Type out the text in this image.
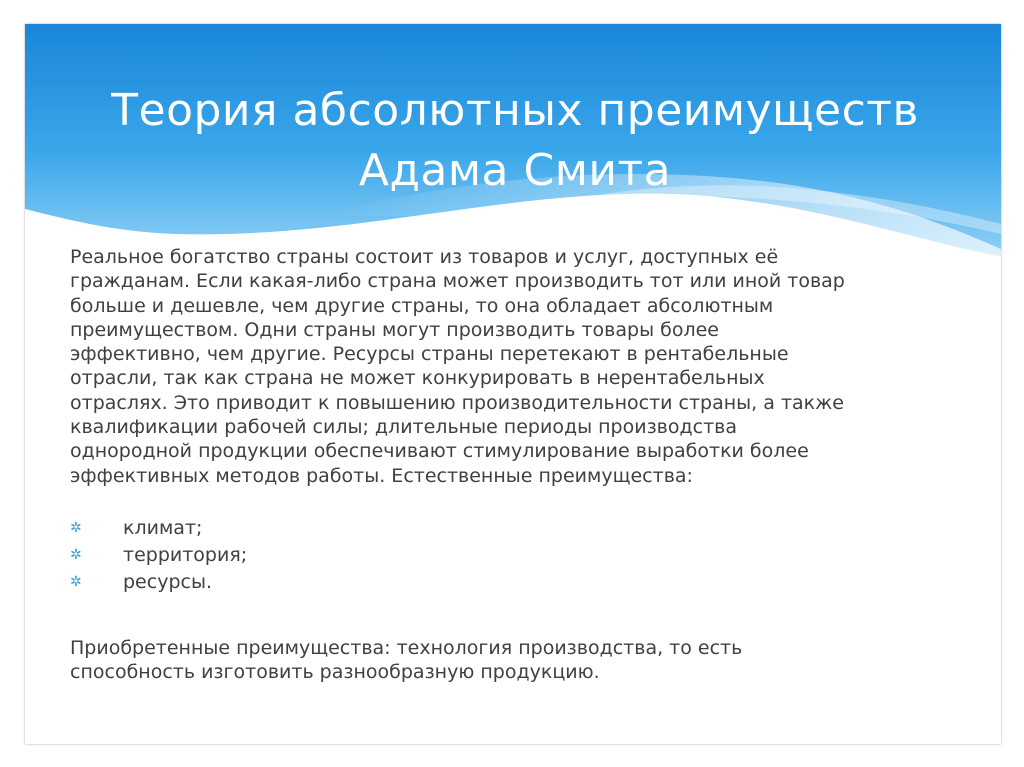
Теория абсолютных преимуществ
Адама Смита

Реальное богатство страны состоит из товаров и услуг, доступных её
гражданам. Если какая-либо страна может производить тот или иной товар
больше и дешевле, чем другие страны, то она обладает абсолютным
преимуществом. Одни страны могут производить товары более
эффективно, чем другие. Ресурсы страны перетекают в рентабельные
отрасли, так как страна не может конкурировать в нерентабельных
отраслях. Это приводит к повышению производительности страны, а также
квалификации рабочей силы; длительные периоды производства
однородной продукции обеспечивают стимулирование выработки более
эффективных методов работы. Естественные преимущества:

✲ климат;
✲ территория;
✲ ресурсы.

Приобретенные преимущества: технология производства, то есть
способность изготовить разнообразную продукцию.
